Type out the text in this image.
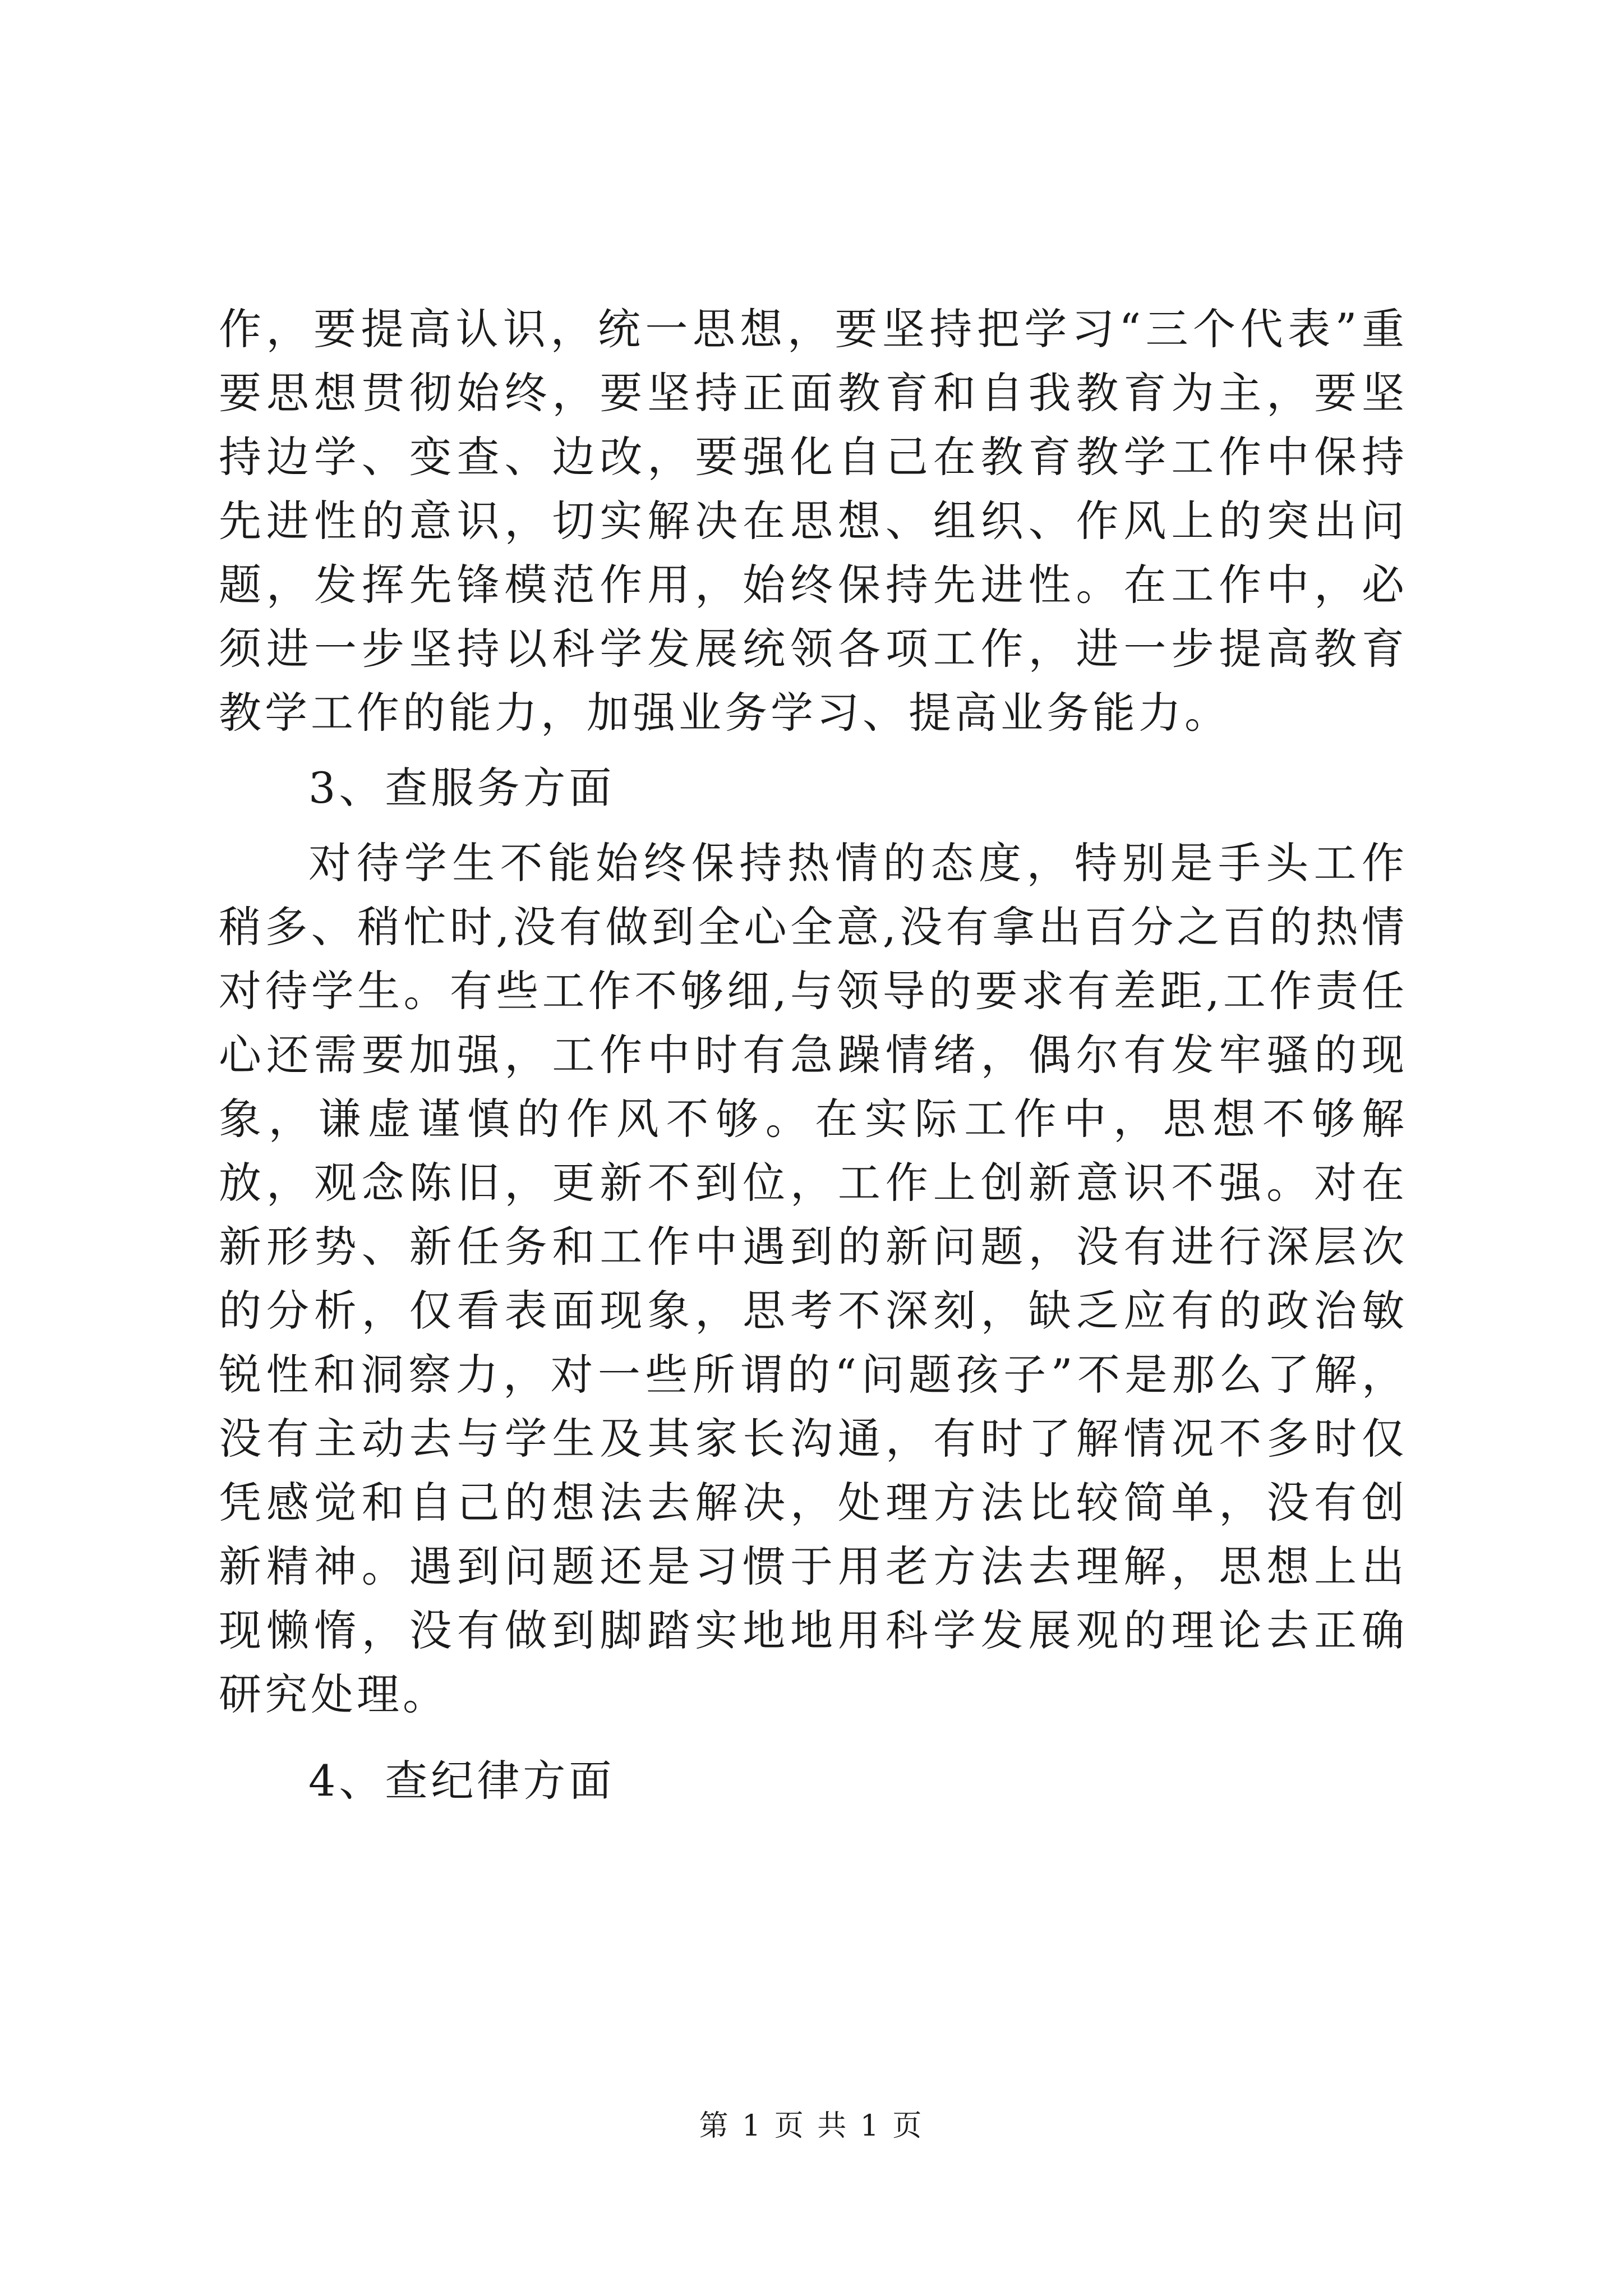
作，要提高认识，统一思想，要坚持把学习“三个代表”重要思想贯彻始终，要坚持正面教育和自我教育为主，要坚持边学、变查、边改，要强化自己在教育教学工作中保持先进性的意识，切实解决在思想、组织、作风上的突出问题，发挥先锋模范作用，始终保持先进性。在工作中，必须进一步坚持以科学发展统领各项工作，进一步提高教育教学工作的能力，加强业务学习、提高业务能力。

3、查服务方面

对待学生不能始终保持热情的态度，特别是手头工作稍多、稍忙时,没有做到全心全意,没有拿出百分之百的热情对待学生。有些工作不够细,与领导的要求有差距,工作责任心还需要加强，工作中时有急躁情绪，偶尔有发牢骚的现象，谦虚谨慎的作风不够。在实际工作中，思想不够解放，观念陈旧，更新不到位，工作上创新意识不强。对在新形势、新任务和工作中遇到的新问题，没有进行深层次的分析，仅看表面现象，思考不深刻，缺乏应有的政治敏锐性和洞察力，对一些所谓的“问题孩子”不是那么了解，没有主动去与学生及其家长沟通，有时了解情况不多时仅凭感觉和自己的想法去解决，处理方法比较简单，没有创新精神。遇到问题还是习惯于用老方法去理解，思想上出现懒惰，没有做到脚踏实地地用科学发展观的理论去正确研究处理。

4、查纪律方面

第 1 页 共 1 页
